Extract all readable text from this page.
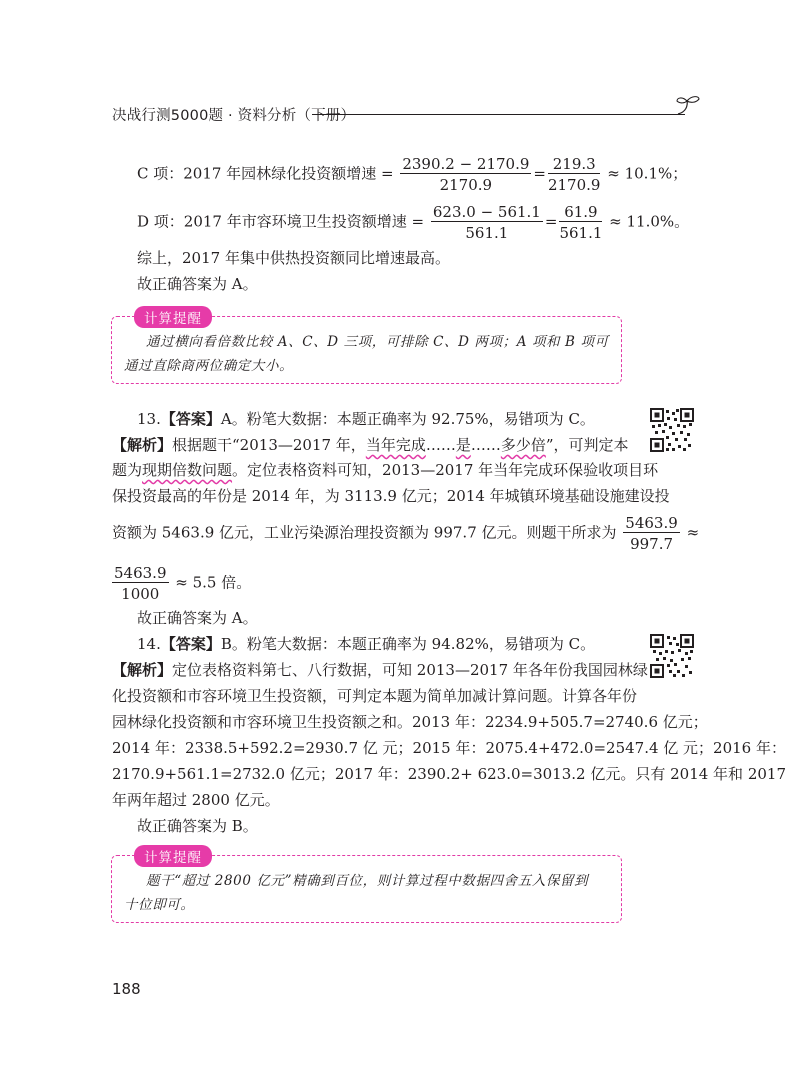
决战行测5000题 · 资料分析（下册）
C 项：2017 年园林绿化投资额增速 = $\frac{2390.2 - 2170.9}{2170.9} = \frac{219.3}{2170.9} \approx 10.1\%$；
D 项：2017 年市容环境卫生投资额增速 = $\frac{623.0 - 561.1}{561.1} = \frac{61.9}{561.1} \approx 11.0\%$。
综上，2017 年集中供热投资额同比增速最高。
故正确答案为 A。
计算提醒
通过横向看倍数比较 A、C、D 三项，可排除 C、D 两项；A 项和 B 项可
通过直除商两位确定大小。
13.【答案】A。粉笔大数据：本题正确率为 92.75%，易错项为 C。
【解析】根据题干“2013—2017 年，当年完成……是……多少倍”，可判定本
题为现期倍数问题。定位表格资料可知，2013—2017 年当年完成环保验收项目环
保投资最高的年份是 2014 年，为 3113.9 亿元；2014 年城镇环境基础设施建设投
资额为 5463.9 亿元，工业污染源治理投资额为 997.7 亿元。则题干所求为 $\frac{5463.9}{997.7}$ ≈
$\frac{5463.9}{1000} \approx 5.5$ 倍。
故正确答案为 A。
14.【答案】B。粉笔大数据：本题正确率为 94.82%，易错项为 C。
【解析】定位表格资料第七、八行数据，可知 2013—2017 年各年份我国园林绿
化投资额和市容环境卫生投资额，可判定本题为简单加减计算问题。计算各年份
园林绿化投资额和市容环境卫生投资额之和。2013 年：2234.9+505.7=2740.6 亿元；
2014 年：2338.5+592.2=2930.7 亿 元；2015 年：2075.4+472.0=2547.4 亿 元；2016 年：
2170.9+561.1=2732.0 亿元；2017 年：2390.2+ 623.0=3013.2 亿元。只有 2014 年和 2017
年两年超过 2800 亿元。
故正确答案为 B。
计算提醒
题干“超过 2800 亿元”精确到百位，则计算过程中数据四舍五入保留到
十位即可。
188
